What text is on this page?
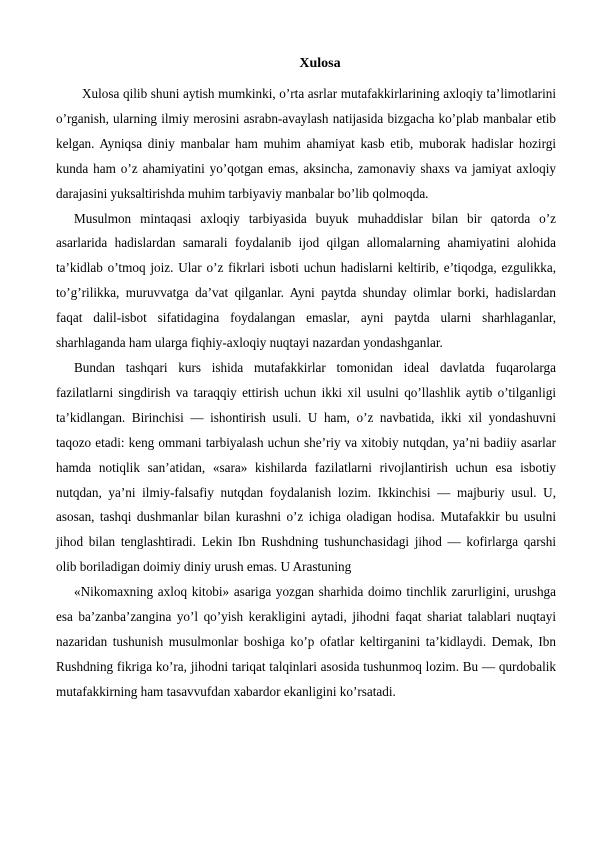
Xulosa

Xulosa qilib shuni aytish mumkinki, o’rta asrlar mutafakkirlarining axloqiy ta’limotlarini o’rganish, ularning ilmiy merosini asrabn-avaylash natijasida bizgacha ko’plab manbalar etib kelgan. Ayniqsa diniy manbalar ham muhim ahamiyat kasb etib, muborak hadislar hozirgi kunda ham o’z ahamiyatini yo’qotgan emas, aksincha, zamonaviy shaxs va jamiyat axloqiy darajasini yuksaltirishda muhim tarbiyaviy manbalar bo’lib qolmoqda.

Musulmon mintaqasi axloqiy tarbiyasida buyuk muhaddislar bilan bir qatorda o’z asarlarida hadislardan samarali foydalanib ijod qilgan allomalarning ahamiyatini alohida ta’kidlab o’tmoq joiz. Ular o’z fikrlari isboti uchun hadislarni keltirib, e’tiqodga, ezgulikka, to’g’rilikka, muruvvatga da’vat qilganlar. Ayni paytda shunday olimlar borki, hadislardan faqat dalil-isbot sifatidagina foydalangan emaslar, ayni paytda ularni sharhlaganlar, sharhlaganda ham ularga fiqhiy-axloqiy nuqtayi nazardan yondashganlar.

Bundan tashqari kurs ishida mutafakkirlar tomonidan ideal davlatda fuqarolarga fazilatlarni singdirish va taraqqiy ettirish uchun ikki xil usulni qo’llashlik aytib o’tilganligi ta’kidlangan. Birinchisi — ishontirish usuli. U ham, o’z navbatida, ikki xil yondashuvni taqozo etadi: keng ommani tarbiyalash uchun she’riy va xitobiy nutqdan, ya’ni badiiy asarlar hamda notiqlik san’atidan, «sara» kishilarda fazilatlarni rivojlantirish uchun esa isbotiy nutqdan, ya’ni ilmiy-falsafiy nutqdan foydalanish lozim. Ikkinchisi — majburiy usul. U, asosan, tashqi dushmanlar bilan kurashni o’z ichiga oladigan hodisa. Mutafakkir bu usulni jihod bilan tenglashtiradi. Lekin Ibn Rushdning tushunchasidagi jihod — kofirlarga qarshi olib boriladigan doimiy diniy urush emas. U Arastuning

«Nikomaxning axloq kitobi» asariga yozgan sharhida doimo tinchlik zarurligini, urushga esa ba’zanba’zangina yo’l qo’yish kerakligini aytadi, jihodni faqat shariat talablari nuqtayi nazaridan tushunish musulmonlar boshiga ko’p ofatlar keltirganini ta’kidlaydi. Demak, Ibn Rushdning fikriga ko’ra, jihodni tariqat talqinlari asosida tushunmoq lozim. Bu — qurdobalik mutafakkirning ham tasavvufdan xabardor ekanligini ko’rsatadi.
